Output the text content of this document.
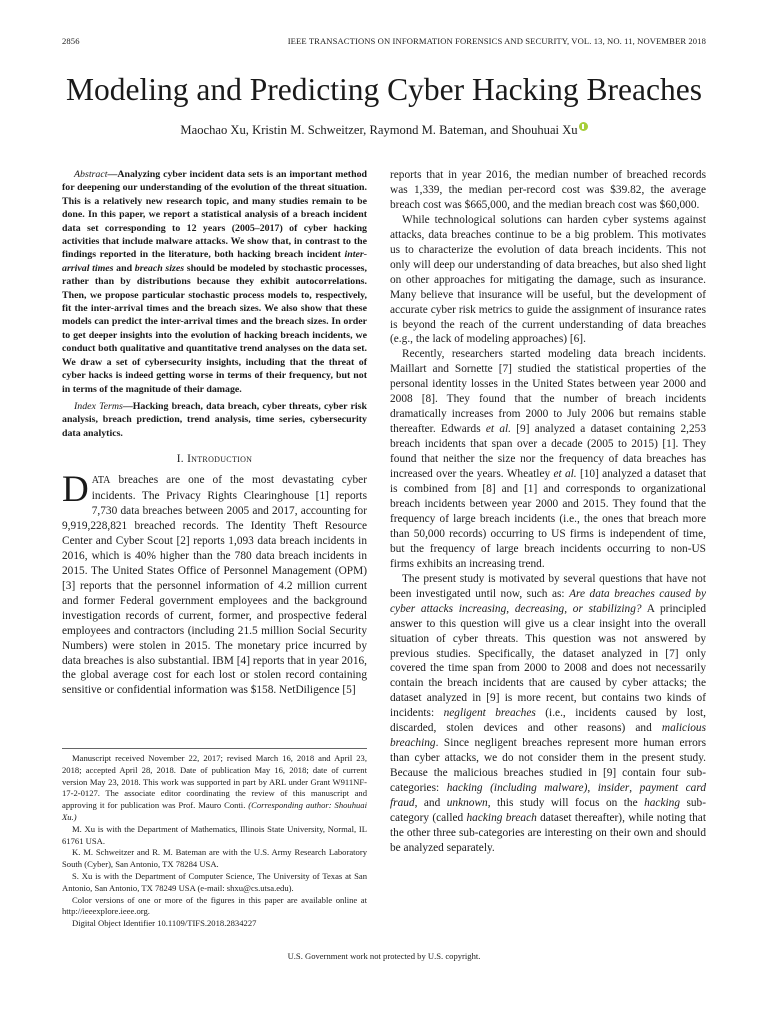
2856	IEEE TRANSACTIONS ON INFORMATION FORENSICS AND SECURITY, VOL. 13, NO. 11, NOVEMBER 2018
Modeling and Predicting Cyber Hacking Breaches
Maochao Xu, Kristin M. Schweitzer, Raymond M. Bateman, and Shouhuai Xu

Abstract—Analyzing cyber incident data sets is an important method for deepening our understanding of the evolution of the threat situation. This is a relatively new research topic, and many studies remain to be done. In this paper, we report a statistical analysis of a breach incident data set corresponding to 12 years (2005–2017) of cyber hacking activities that include malware attacks. We show that, in contrast to the findings reported in the literature, both hacking breach incident inter-arrival times and breach sizes should be modeled by stochastic processes, rather than by distributions because they exhibit autocorrelations. Then, we propose particular stochastic process models to, respectively, fit the inter-arrival times and the breach sizes. We also show that these models can predict the inter-arrival times and the breach sizes. In order to get deeper insights into the evolution of hacking breach incidents, we conduct both qualitative and quantitative trend analyses on the data set. We draw a set of cybersecurity insights, including that the threat of cyber hacks is indeed getting worse in terms of their frequency, but not in terms of the magnitude of their damage.

Index Terms—Hacking breach, data breach, cyber threats, cyber risk analysis, breach prediction, trend analysis, time series, cybersecurity data analytics.

I. Introduction

DATA breaches are one of the most devastating cyber incidents. The Privacy Rights Clearinghouse [1] reports 7,730 data breaches between 2005 and 2017, accounting for 9,919,228,821 breached records. The Identity Theft Resource Center and Cyber Scout [2] reports 1,093 data breach incidents in 2016, which is 40% higher than the 780 data breach incidents in 2015. The United States Office of Personnel Management (OPM) [3] reports that the personnel information of 4.2 million current and former Federal government employees and the background investigation records of current, former, and prospective federal employees and contractors (including 21.5 million Social Security Numbers) were stolen in 2015. The monetary price incurred by data breaches is also substantial. IBM [4] reports that in year 2016, the global average cost for each lost or stolen record containing sensitive or confidential information was $158. NetDiligence [5]

Manuscript received November 22, 2017; revised March 16, 2018 and April 23, 2018; accepted April 28, 2018. Date of publication May 16, 2018; date of current version May 23, 2018. This work was supported in part by ARL under Grant W911NF-17-2-0127. The associate editor coordinating the review of this manuscript and approving it for publication was Prof. Mauro Conti. (Corresponding author: Shouhuai Xu.)

M. Xu is with the Department of Mathematics, Illinois State University, Normal, IL 61761 USA.

K. M. Schweitzer and R. M. Bateman are with the U.S. Army Research Laboratory South (Cyber), San Antonio, TX 78284 USA.

S. Xu is with the Department of Computer Science, The University of Texas at San Antonio, San Antonio, TX 78249 USA (e-mail: shxu@cs.utsa.edu).

Color versions of one or more of the figures in this paper are available online at http://ieeexplore.ieee.org.

Digital Object Identifier 10.1109/TIFS.2018.2834227

reports that in year 2016, the median number of breached records was 1,339, the median per-record cost was $39.82, the average breach cost was $665,000, and the median breach cost was $60,000.

While technological solutions can harden cyber systems against attacks, data breaches continue to be a big problem. This motivates us to characterize the evolution of data breach incidents. This not only will deep our understanding of data breaches, but also shed light on other approaches for mitigating the damage, such as insurance. Many believe that insurance will be useful, but the development of accurate cyber risk metrics to guide the assignment of insurance rates is beyond the reach of the current understanding of data breaches (e.g., the lack of modeling approaches) [6].

Recently, researchers started modeling data breach incidents. Maillart and Sornette [7] studied the statistical properties of the personal identity losses in the United States between year 2000 and 2008 [8]. They found that the number of breach incidents dramatically increases from 2000 to July 2006 but remains stable thereafter. Edwards et al. [9] analyzed a dataset containing 2,253 breach incidents that span over a decade (2005 to 2015) [1]. They found that neither the size nor the frequency of data breaches has increased over the years. Wheatley et al. [10] analyzed a dataset that is combined from [8] and [1] and corresponds to organizational breach incidents between year 2000 and 2015. They found that the frequency of large breach incidents (i.e., the ones that breach more than 50,000 records) occurring to US firms is independent of time, but the frequency of large breach incidents occurring to non-US firms exhibits an increasing trend.

The present study is motivated by several questions that have not been investigated until now, such as: Are data breaches caused by cyber attacks increasing, decreasing, or stabilizing? A principled answer to this question will give us a clear insight into the overall situation of cyber threats. This question was not answered by previous studies. Specifically, the dataset analyzed in [7] only covered the time span from 2000 to 2008 and does not necessarily contain the breach incidents that are caused by cyber attacks; the dataset analyzed in [9] is more recent, but contains two kinds of incidents: negligent breaches (i.e., incidents caused by lost, discarded, stolen devices and other reasons) and malicious breaching. Since negligent breaches represent more human errors than cyber attacks, we do not consider them in the present study. Because the malicious breaches studied in [9] contain four sub-categories: hacking (including malware), insider, payment card fraud, and unknown, this study will focus on the hacking sub-category (called hacking breach dataset thereafter), while noting that the other three sub-categories are interesting on their own and should be analyzed separately.

U.S. Government work not protected by U.S. copyright.
